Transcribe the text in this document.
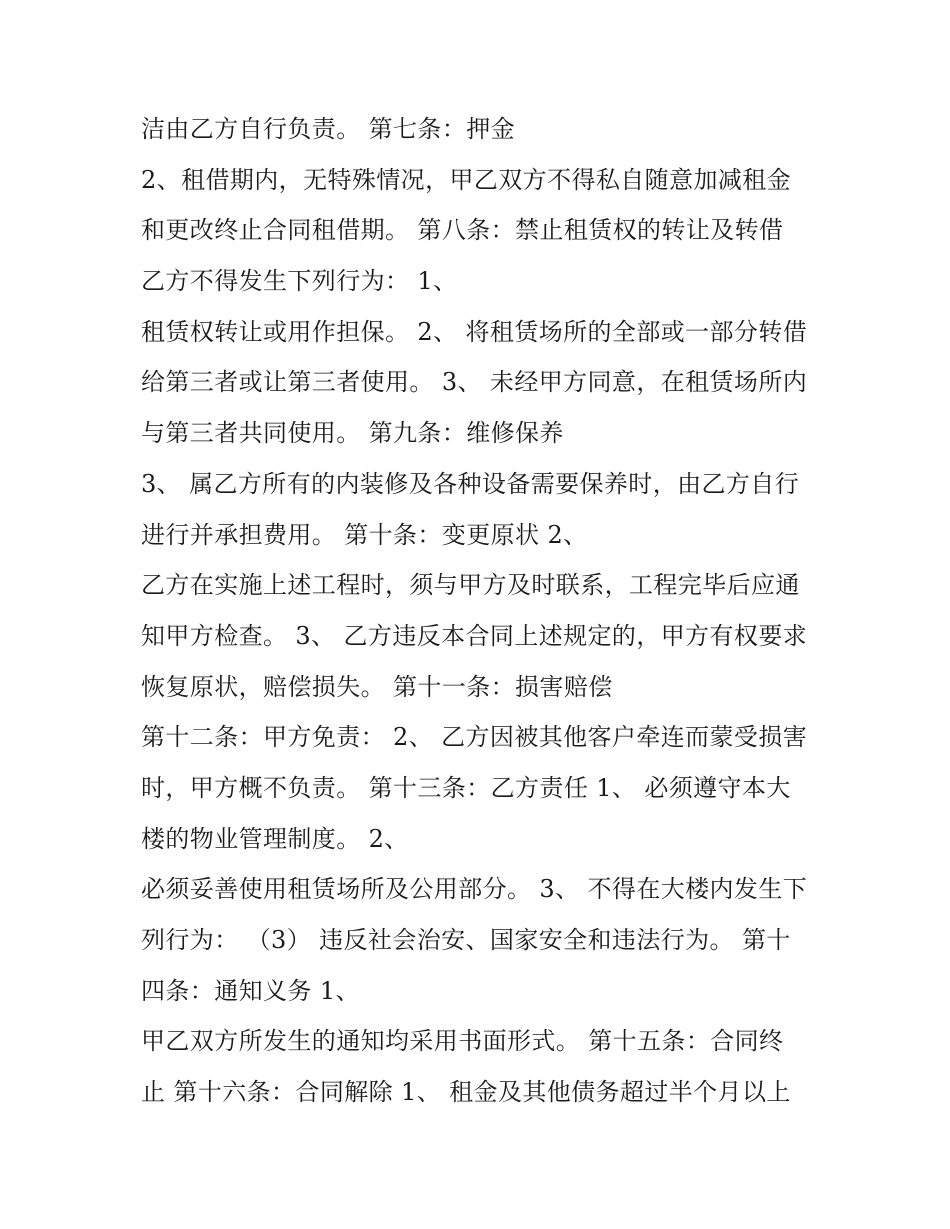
洁由乙方自行负责。 第七条：押金
2、租借期内，无特殊情况，甲乙双方不得私自随意加减租金
和更改终止合同租借期。 第八条：禁止租赁权的转让及转借
乙方不得发生下列行为： 1、
租赁权转让或用作担保。 2、 将租赁场所的全部或一部分转借
给第三者或让第三者使用。 3、 未经甲方同意，在租赁场所内
与第三者共同使用。 第九条：维修保养
3、 属乙方所有的内装修及各种设备需要保养时，由乙方自行
进行并承担费用。 第十条：变更原状 2、
乙方在实施上述工程时，须与甲方及时联系，工程完毕后应通
知甲方检查。 3、 乙方违反本合同上述规定的，甲方有权要求
恢复原状，赔偿损失。 第十一条：损害赔偿
第十二条：甲方免责： 2、 乙方因被其他客户牵连而蒙受损害
时，甲方概不负责。 第十三条：乙方责任 1、 必须遵守本大
楼的物业管理制度。 2、
必须妥善使用租赁场所及公用部分。 3、 不得在大楼内发生下
列行为： （3） 违反社会治安、国家安全和违法行为。 第十
四条：通知义务 1、
甲乙双方所发生的通知均采用书面形式。 第十五条：合同终
止 第十六条：合同解除 1、 租金及其他债务超过半个月以上
